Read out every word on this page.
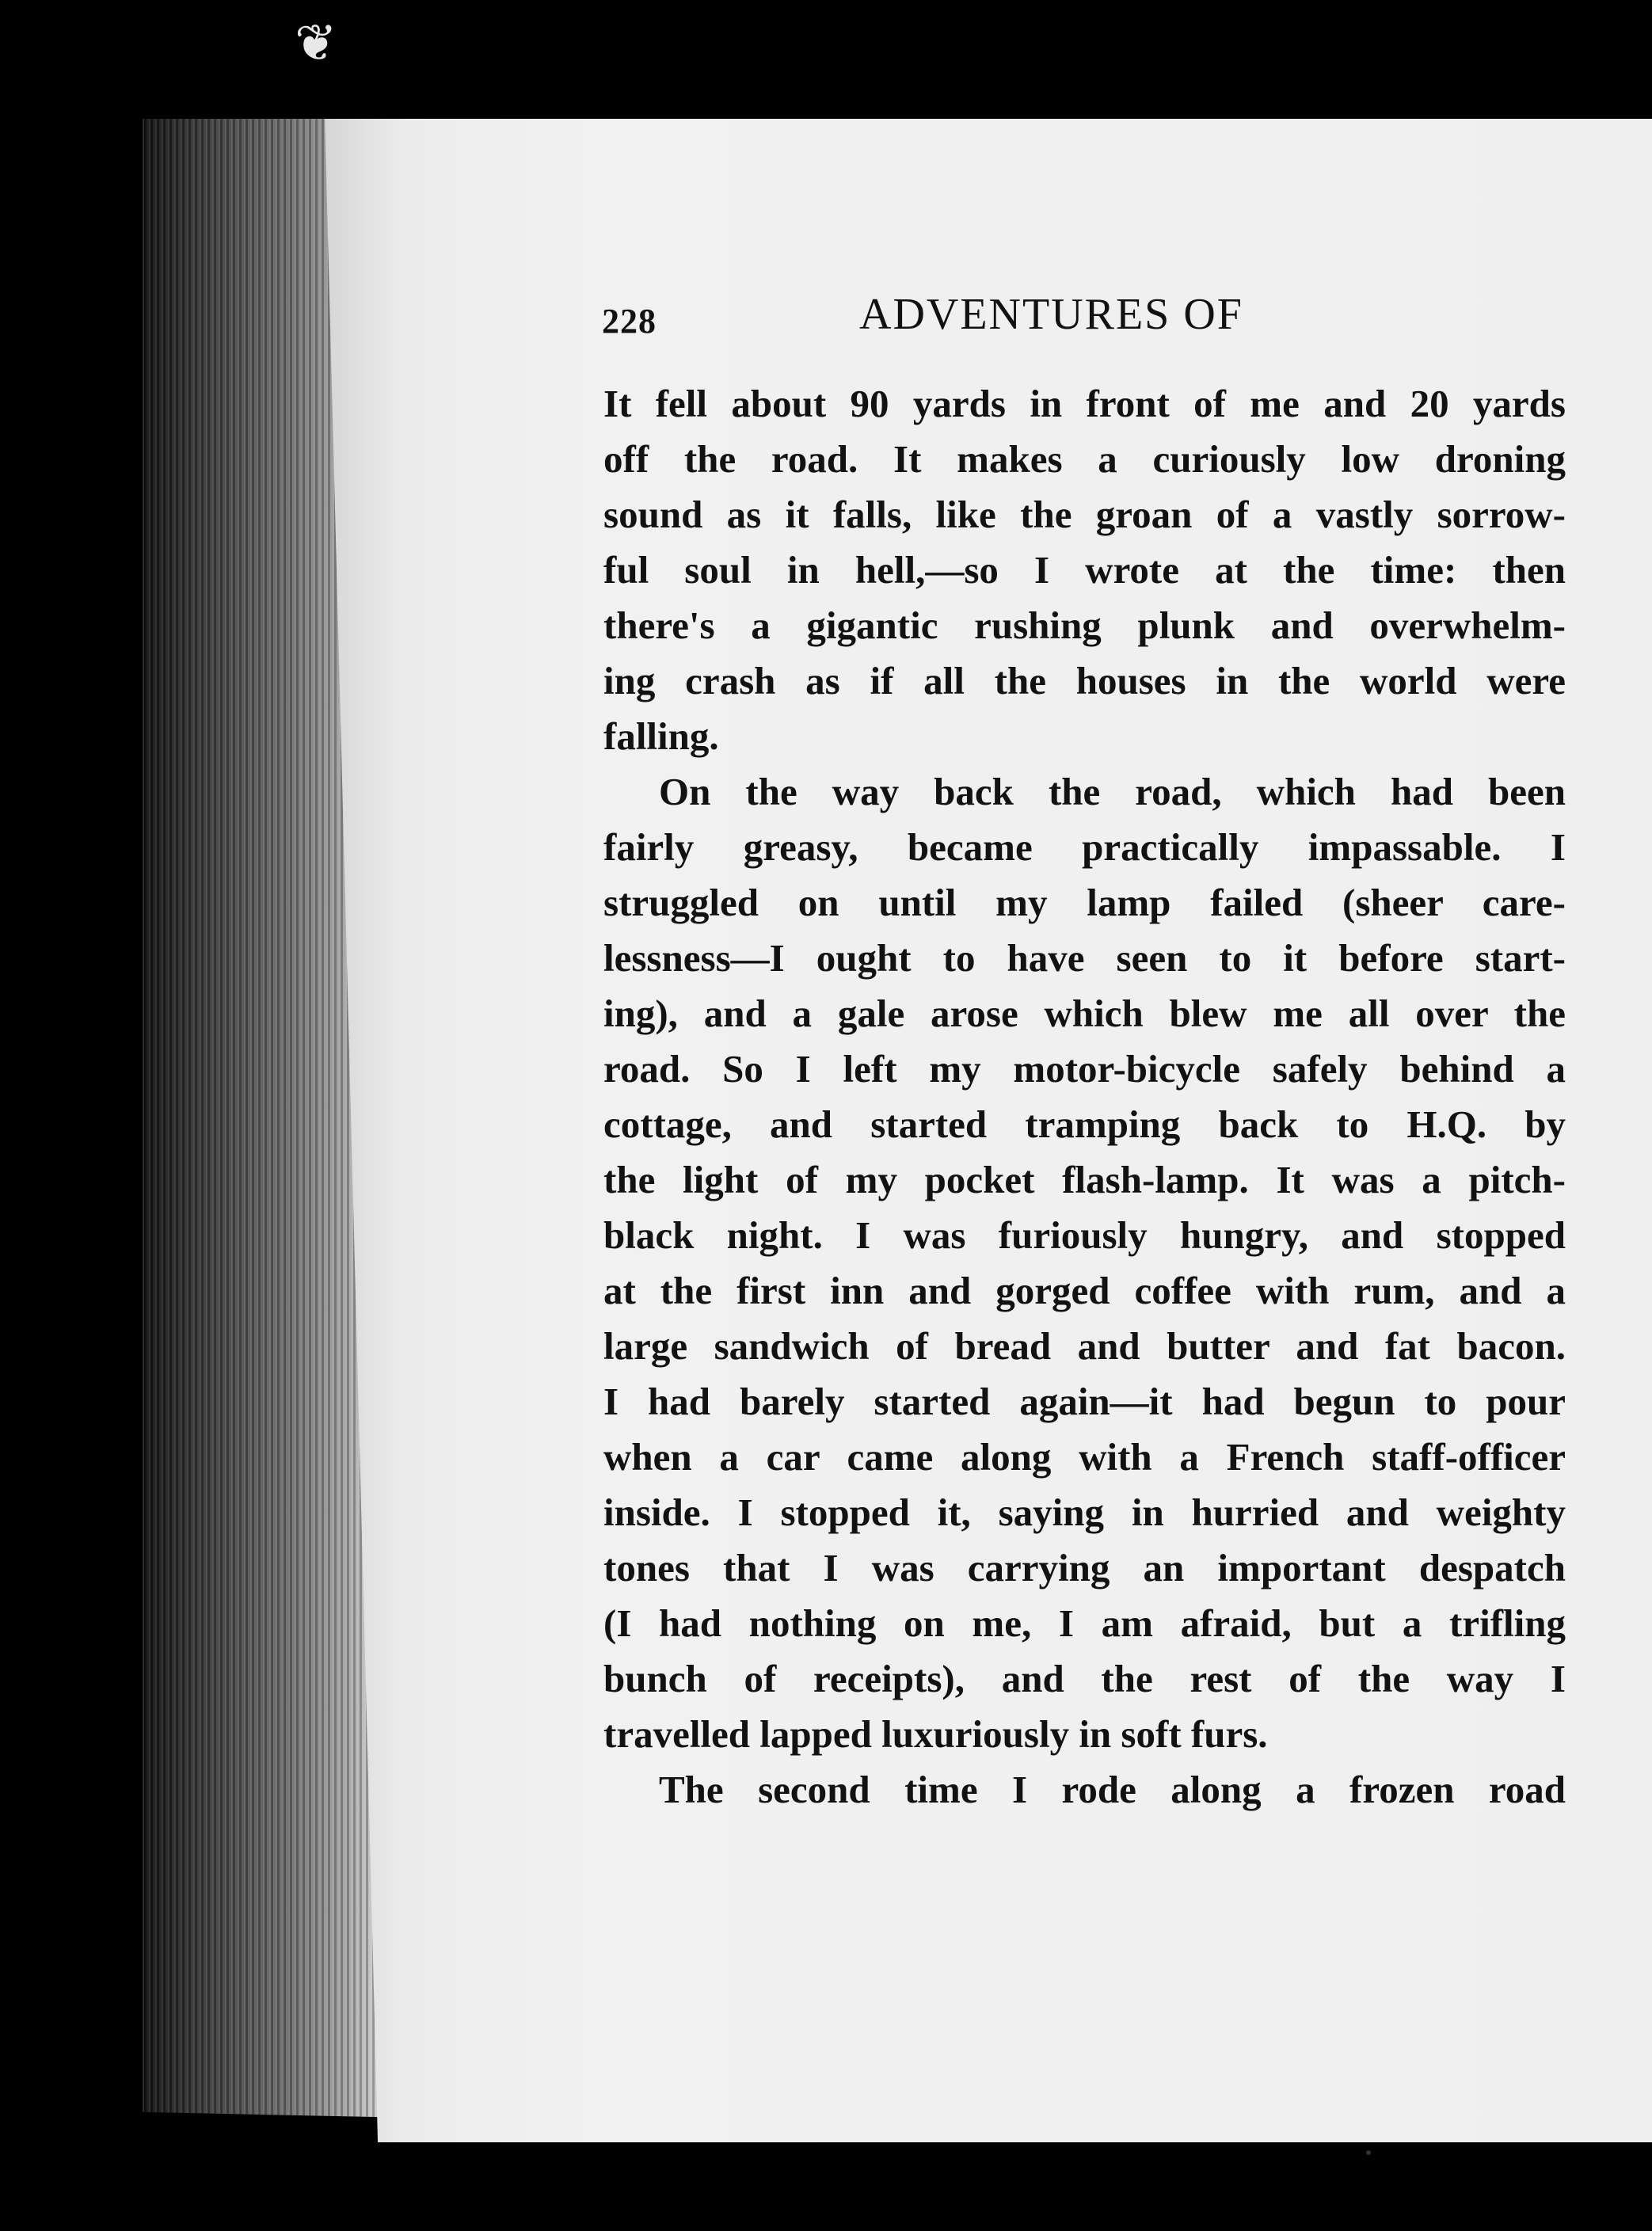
❦
228	ADVENTURES OF
It fell about 90 yards in front of me and 20 yards
off the road. It makes a curiously low droning
sound as it falls, like the groan of a vastly sorrow-
ful soul in hell,—so I wrote at the time: then
there's a gigantic rushing plunk and overwhelm-
ing crash as if all the houses in the world were
falling.
On the way back the road, which had been
fairly greasy, became practically impassable. I
struggled on until my lamp failed (sheer care-
lessness—I ought to have seen to it before start-
ing), and a gale arose which blew me all over the
road. So I left my motor-bicycle safely behind a
cottage, and started tramping back to H.Q. by
the light of my pocket flash-lamp. It was a pitch-
black night. I was furiously hungry, and stopped
at the first inn and gorged coffee with rum, and a
large sandwich of bread and butter and fat bacon.
I had barely started again—it had begun to pour
when a car came along with a French staff-officer
inside. I stopped it, saying in hurried and weighty
tones that I was carrying an important despatch
(I had nothing on me, I am afraid, but a trifling
bunch of receipts), and the rest of the way I
travelled lapped luxuriously in soft furs.
The second time I rode along a frozen road
